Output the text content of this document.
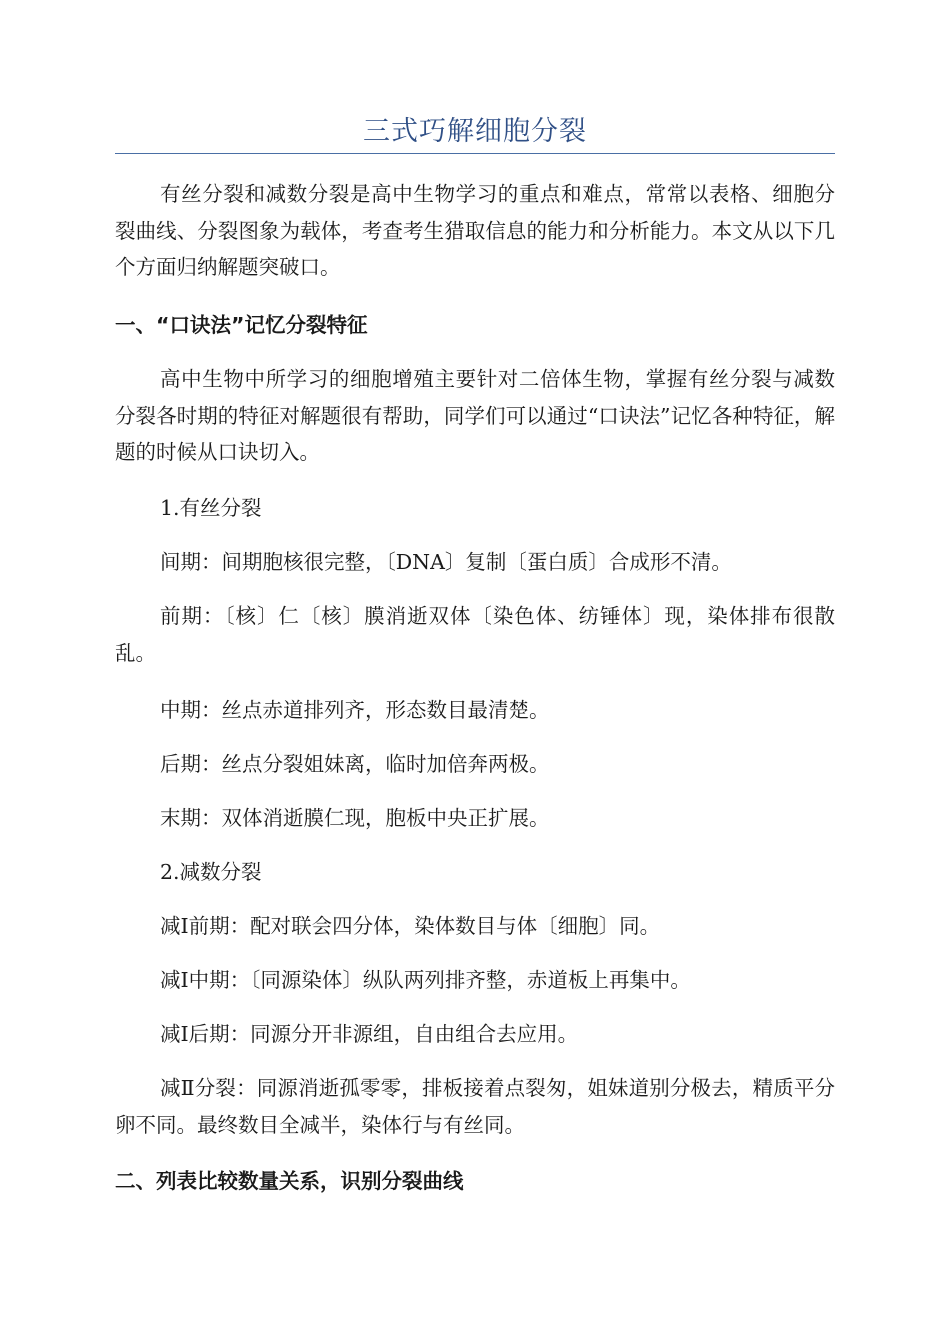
三式巧解细胞分裂

有丝分裂和减数分裂是高中生物学习的重点和难点，常常以表格、细胞分裂曲线、分裂图象为载体，考查考生猎取信息的能力和分析能力。本文从以下几个方面归纳解题突破口。

一、“口诀法”记忆分裂特征

高中生物中所学习的细胞增殖主要针对二倍体生物，掌握有丝分裂与减数分裂各时期的特征对解题很有帮助，同学们可以通过“口诀法”记忆各种特征，解题的时候从口诀切入。

1.有丝分裂

间期：间期胞核很完整，〔DNA〕复制〔蛋白质〕合成形不清。

前期：〔核〕仁〔核〕膜消逝双体〔染色体、纺锤体〕现，染体排布很散乱。

中期：丝点赤道排列齐，形态数目最清楚。

后期：丝点分裂姐妹离，临时加倍奔两极。

末期：双体消逝膜仁现，胞板中央正扩展。

2.减数分裂

减Ⅰ前期：配对联会四分体，染体数目与体〔细胞〕同。

减Ⅰ中期：〔同源染体〕纵队两列排齐整，赤道板上再集中。

减Ⅰ后期：同源分开非源组，自由组合去应用。

减Ⅱ分裂：同源消逝孤零零，排板接着点裂匆，姐妹道别分极去，精质平分卵不同。最终数目全减半，染体行与有丝同。

二、列表比较数量关系，识别分裂曲线
